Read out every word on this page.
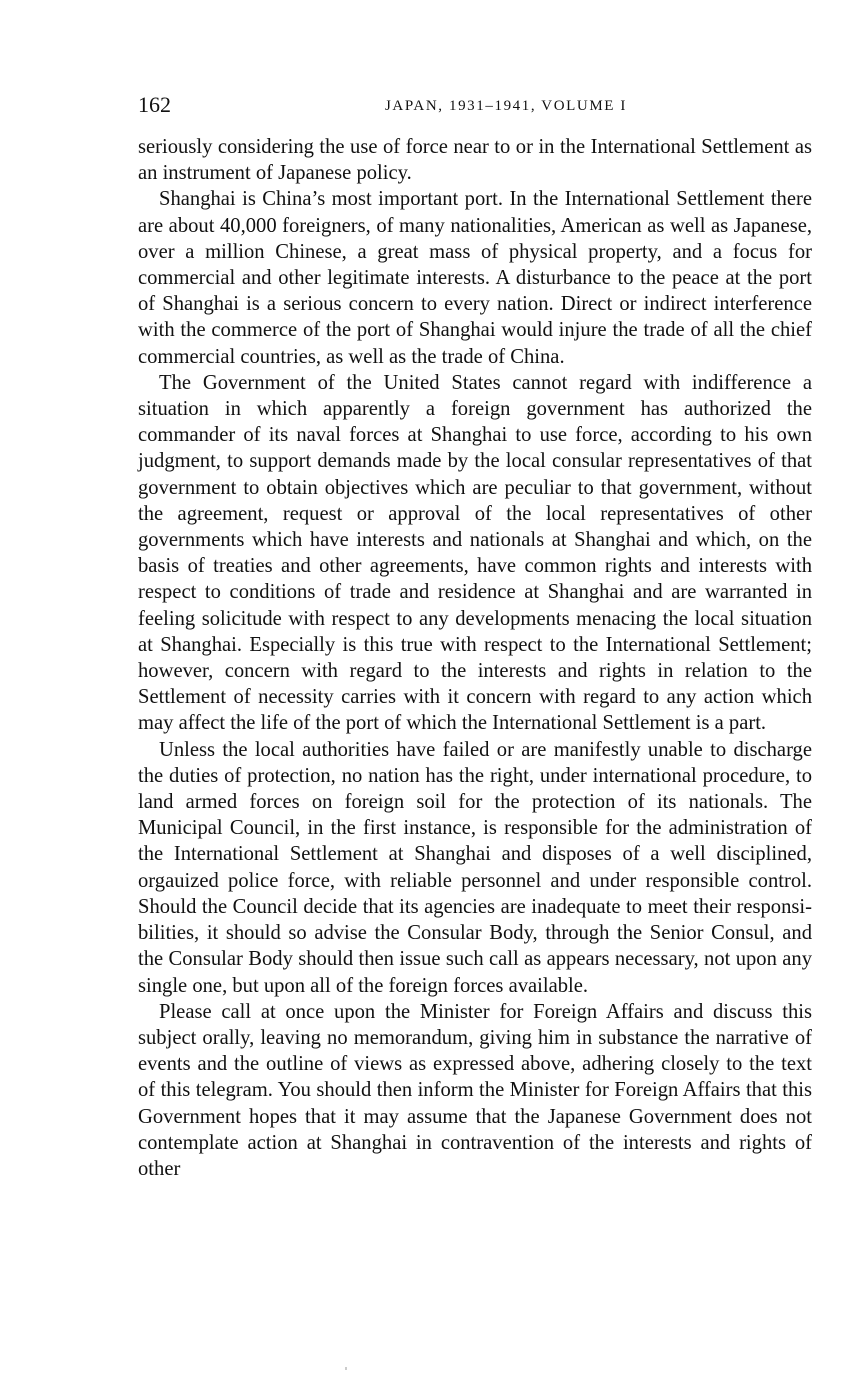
162	JAPAN, 1931–1941, VOLUME I

seriously considering the use of force near to or in the International Settlement as an instrument of Japanese policy.

Shanghai is China’s most important port. In the International Settlement there are about 40,000 foreigners, of many nationalities, American as well as Japanese, over a million Chinese, a great mass of physical property, and a focus for commercial and other legitimate interests. A disturbance to the peace at the port of Shanghai is a serious concern to every nation. Direct or indirect interference with the commerce of the port of Shanghai would injure the trade of all the chief commercial countries, as well as the trade of China.

The Government of the United States cannot regard with indifference a situation in which apparently a foreign government has authorized the commander of its naval forces at Shanghai to use force, according to his own judgment, to support demands made by the local consular representatives of that government to obtain objectives which are peculiar to that government, without the agreement, request or approval of the local representatives of other governments which have interests and nationals at Shanghai and which, on the basis of treaties and other agreements, have common rights and interests with respect to conditions of trade and residence at Shanghai and are warranted in feeling solicitude with respect to any developments menacing the local situation at Shanghai. Especially is this true with respect to the International Settlement; however, concern with regard to the interests and rights in relation to the Settlement of necessity carries with it concern with regard to any action which may affect the life of the port of which the International Settlement is a part.

Unless the local authorities have failed or are manifestly unable to discharge the duties of protection, no nation has the right, under international procedure, to land armed forces on foreign soil for the protection of its nationals. The Municipal Council, in the first instance, is responsible for the administration of the International Settlement at Shanghai and disposes of a well disciplined, orgauized police force, with reliable personnel and under responsible control. Should the Council decide that its agencies are inadequate to meet their responsibilities, it should so advise the Consular Body, through the Senior Consul, and the Consular Body should then issue such call as appears necessary, not upon any single one, but upon all of the foreign forces available.

Please call at once upon the Minister for Foreign Affairs and discuss this subject orally, leaving no memorandum, giving him in substance the narrative of events and the outline of views as expressed above, adhering closely to the text of this telegram. You should then inform the Minister for Foreign Affairs that this Government hopes that it may assume that the Japanese Government does not contemplate action at Shanghai in contravention of the interests and rights of other
